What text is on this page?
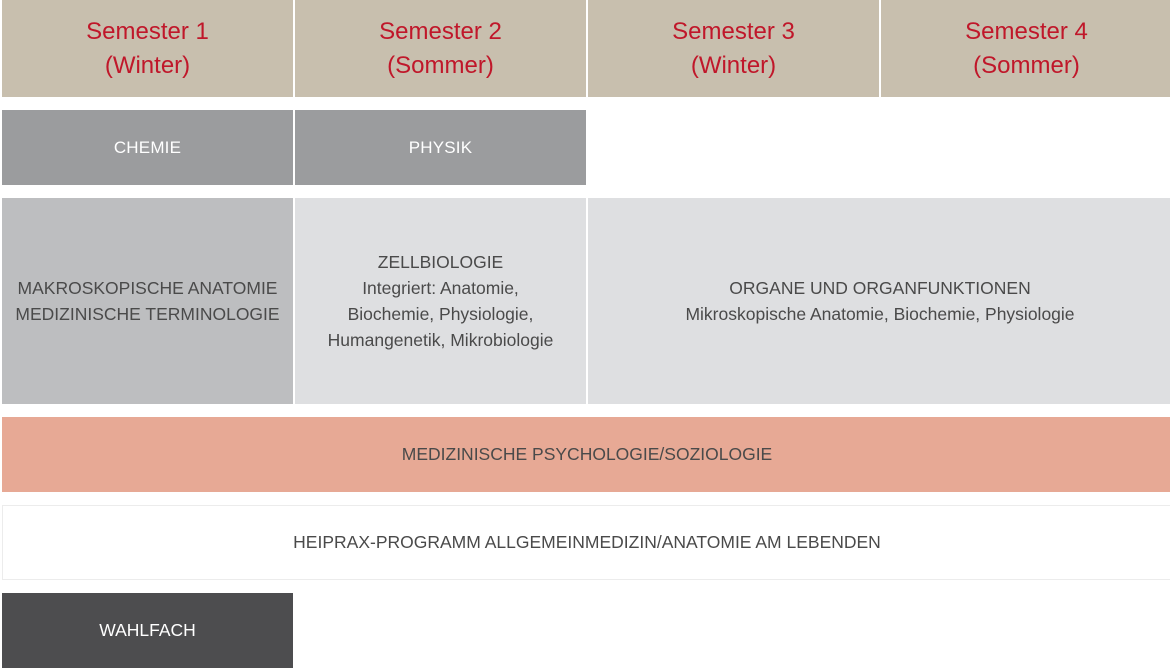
Semester 1
(Winter)
Semester 2
(Sommer)
Semester 3
(Winter)
Semester 4
(Sommer)
CHEMIE	PHYSIK
MAKROSKOPISCHE ANATOMIE
MEDIZINISCHE TERMINOLOGIE
ZELLBIOLOGIE
Integriert: Anatomie,
Biochemie, Physiologie,
Humangenetik, Mikrobiologie
ORGANE UND ORGANFUNKTIONEN
Mikroskopische Anatomie, Biochemie, Physiologie
MEDIZINISCHE PSYCHOLOGIE/SOZIOLOGIE
HEIPRAX-PROGRAMM ALLGEMEINMEDIZIN/ANATOMIE AM LEBENDEN
WAHLFACH
